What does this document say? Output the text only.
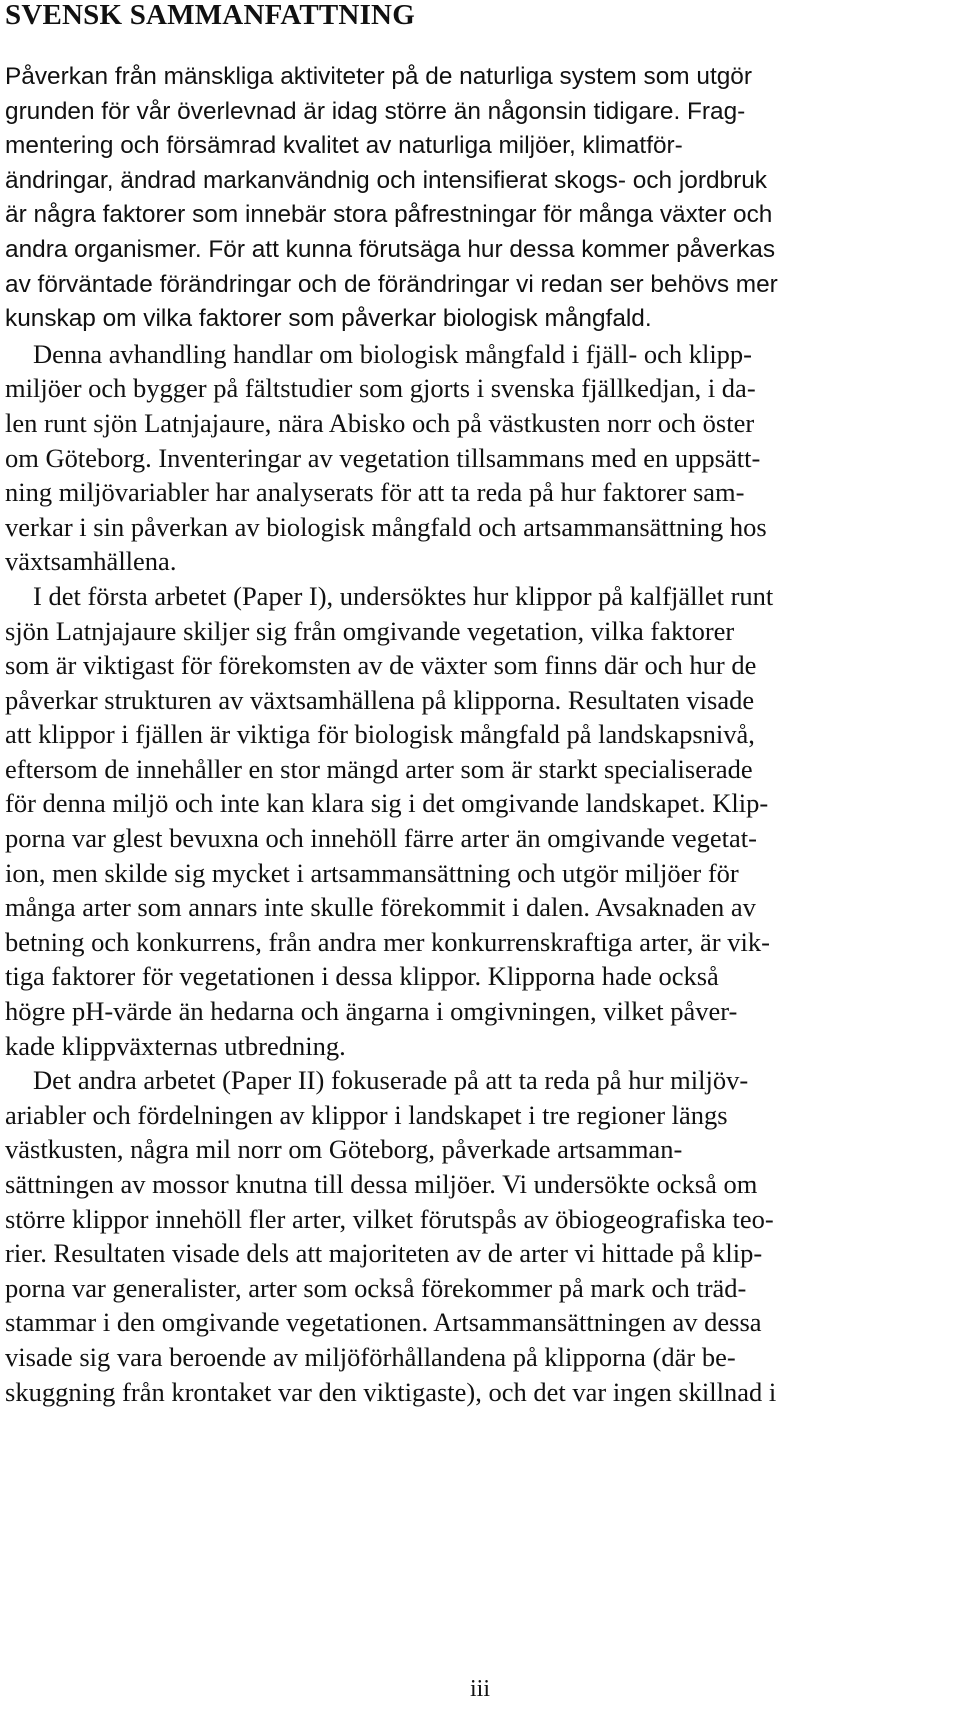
SVENSK SAMMANFATTNING

Påverkan från mänskliga aktiviteter på de naturliga system som utgör
grunden för vår överlevnad är idag större än någonsin tidigare. Frag-
mentering och försämrad kvalitet av naturliga miljöer, klimatför-
ändringar, ändrad markanvändnig och intensifierat skogs- och jordbruk
är några faktorer som innebär stora påfrestningar för många växter och
andra organismer. För att kunna förutsäga hur dessa kommer påverkas
av förväntade förändringar och de förändringar vi redan ser behövs mer
kunskap om vilka faktorer som påverkar biologisk mångfald.

Denna avhandling handlar om biologisk mångfald i fjäll- och klipp-
miljöer och bygger på fältstudier som gjorts i svenska fjällkedjan, i da-
len runt sjön Latnjajaure, nära Abisko och på västkusten norr och öster
om Göteborg. Inventeringar av vegetation tillsammans med en uppsätt-
ning miljövariabler har analyserats för att ta reda på hur faktorer sam-
verkar i sin påverkan av biologisk mångfald och artsammansättning hos
växtsamhällena.

I det första arbetet (Paper I), undersöktes hur klippor på kalfjället runt
sjön Latnjajaure skiljer sig från omgivande vegetation, vilka faktorer
som är viktigast för förekomsten av de växter som finns där och hur de
påverkar strukturen av växtsamhällena på klipporna. Resultaten visade
att klippor i fjällen är viktiga för biologisk mångfald på landskapsnivå,
eftersom de innehåller en stor mängd arter som är starkt specialiserade
för denna miljö och inte kan klara sig i det omgivande landskapet. Klip-
porna var glest bevuxna och innehöll färre arter än omgivande vegetat-
ion, men skilde sig mycket i artsammansättning och utgör miljöer för
många arter som annars inte skulle förekommit i dalen. Avsaknaden av
betning och konkurrens, från andra mer konkurrenskraftiga arter, är vik-
tiga faktorer för vegetationen i dessa klippor. Klipporna hade också
högre pH-värde än hedarna och ängarna i omgivningen, vilket påver-
kade klippväxternas utbredning.

Det andra arbetet (Paper II) fokuserade på att ta reda på hur miljöv-
ariabler och fördelningen av klippor i landskapet i tre regioner längs
västkusten, några mil norr om Göteborg, påverkade artsamman-
sättningen av mossor knutna till dessa miljöer. Vi undersökte också om
större klippor innehöll fler arter, vilket förutspås av öbiogeografiska teo-
rier. Resultaten visade dels att majoriteten av de arter vi hittade på klip-
porna var generalister, arter som också förekommer på mark och träd-
stammar i den omgivande vegetationen. Artsammansättningen av dessa
visade sig vara beroende av miljöförhållandena på klipporna (där be-
skuggning från krontaket var den viktigaste), och det var ingen skillnad i

iii
